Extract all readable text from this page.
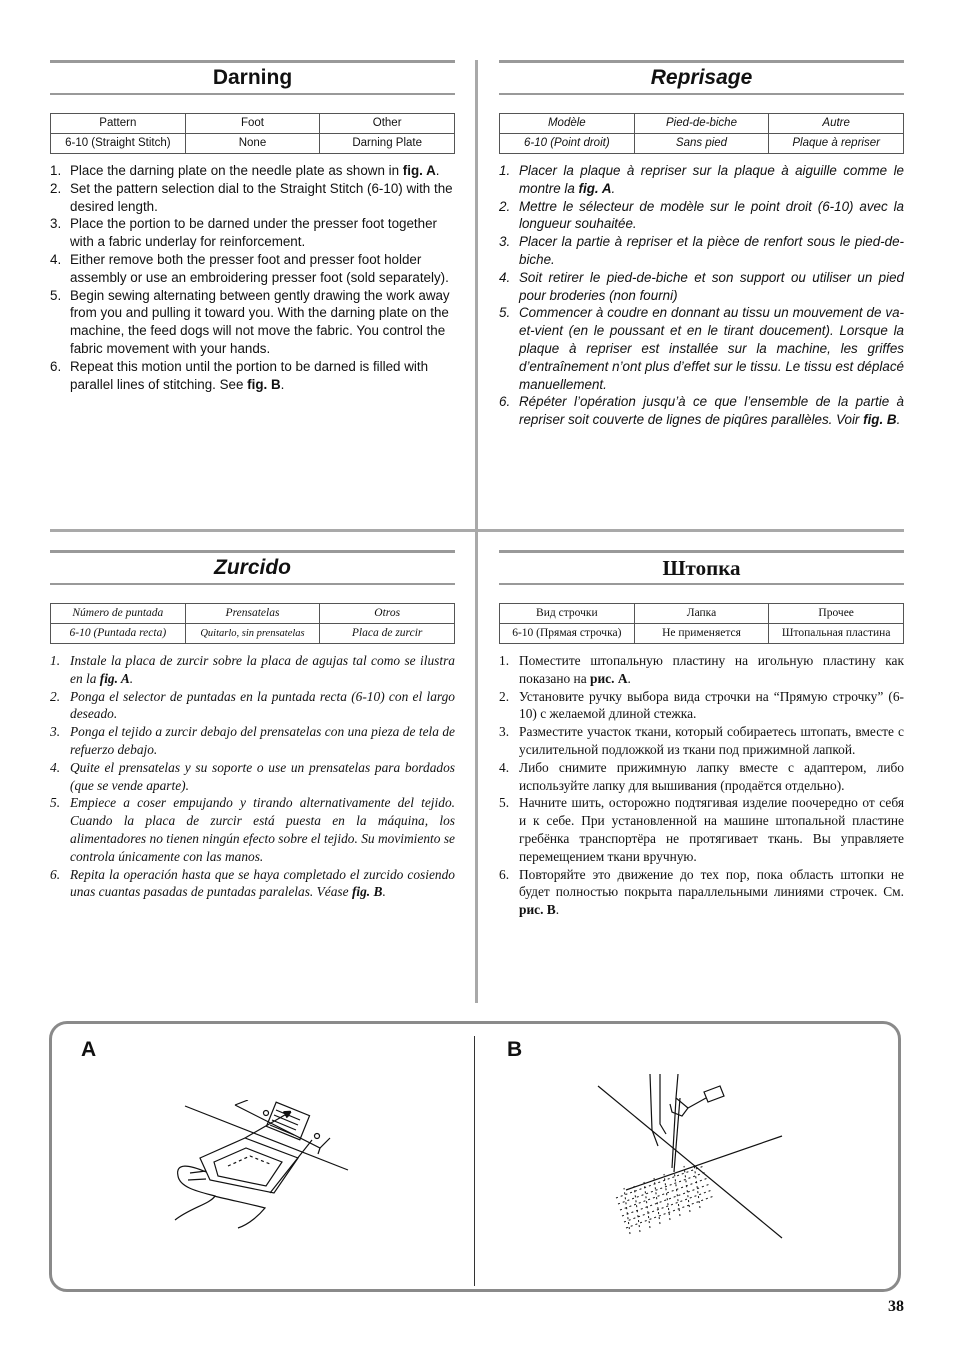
Darning
Pattern	Foot	Other
6-10 (Straight Stitch)	None	Darning Plate
1. Place the darning plate on the needle plate as shown in fig. A.
2. Set the pattern selection dial to the Straight Stitch (6-10) with the desired length.
3. Place the portion to be darned under the presser foot together with a fabric underlay for reinforcement.
4. Either remove both the presser foot and presser foot holder assembly or use an embroidering presser foot (sold separately).
5. Begin sewing alternating between gently drawing the work away from you and pulling it toward you. With the darning plate on the machine, the feed dogs will not move the fabric. You control the fabric movement with your hands.
6. Repeat this motion until the portion to be darned is filled with parallel lines of stitching. See fig. B.
Reprisage
Modèle	Pied-de-biche	Autre
6-10 (Point droit)	Sans pied	Plaque à repriser
1. Placer la plaque à repriser sur la plaque à aiguille comme le montre la fig. A.
2. Mettre le sélecteur de modèle sur le point droit (6-10) avec la longueur souhaitée.
3. Placer la partie à repriser et la pièce de renfort sous le pied-de-biche.
4. Soit retirer le pied-de-biche et son support ou utiliser un pied pour broderies (non fourni)
5. Commencer à coudre en donnant au tissu un mouvement de va-et-vient (en le poussant et en le tirant doucement). Lorsque la plaque à repriser est installée sur la machine, les griffes d’entraînement n’ont plus d’effet sur le tissu. Le tissu est déplacé manuellement.
6. Répéter l’opération jusqu’à ce que l’ensemble de la partie à repriser soit couverte de lignes de piqûres parallèles. Voir fig. B.
Zurcido
Número de puntada	Prensatelas	Otros
6-10 (Puntada recta)	Quitarlo, sin prensatelas	Placa de zurcir
1. Instale la placa de zurcir sobre la placa de agujas tal como se ilustra en la fig. A.
2. Ponga el selector de puntadas en la puntada recta (6-10) con el largo deseado.
3. Ponga el tejido a zurcir debajo del prensatelas con una pieza de tela de refuerzo debajo.
4. Quite el prensatelas y su soporte o use un prensatelas para bordados (que se vende aparte).
5. Empiece a coser empujando y tirando alternativamente del tejido. Cuando la placa de zurcir está puesta en la máquina, los alimentadores no tienen ningún efecto sobre el tejido. Su movimiento se controla únicamente con las manos.
6. Repita la operación hasta que se haya completado el zurcido cosiendo unas cuantas pasadas de puntadas paralelas. Véase fig. B.
Штопка
Вид строчки	Лапка	Прочее
6-10 (Прямая строчка)	Не применяется	Штопальная пластина
1. Поместите штопальную пластину на игольную пластину как показано на рис. A.
2. Установите ручку выбора вида строчки на “Прямую строчку” (6-10) с желаемой длиной стежка.
3. Разместите участок ткани, который собираетесь штопать, вместе с усилительной подложкой из ткани под прижимной лапкой.
4. Либо снимите прижимную лапку вместе с адаптером, либо используйте лапку для вышивания (продаётся отдельно).
5. Начните шить, осторожно подтягивая изделие поочередно от себя и к себе. При установленной на машине штопальной пластине гребёнка транспортёра не протягивает ткань. Вы управляете перемещением ткани вручную.
6. Повторяйте это движение до тех пор, пока область штопки не будет полностью покрыта параллельными линиями строчек. См. рис. B.
A	B
38
